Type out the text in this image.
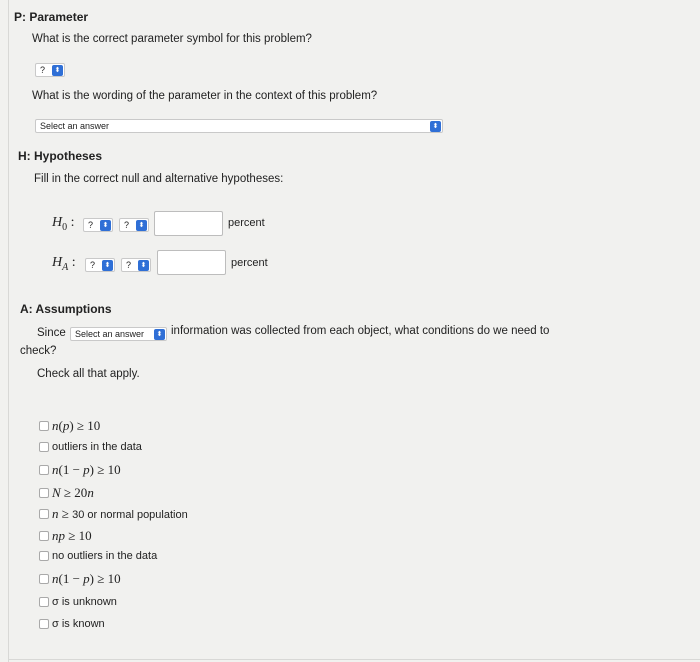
P: Parameter
What is the correct parameter symbol for this problem?
?	⬍
What is the wording of the parameter in the context of this problem?
Select an answer	⬍
H: Hypotheses
Fill in the correct null and alternative hypotheses:
$H_0$ :	?	⬍	?	⬍	percent
$H_A$ :	?	⬍	?	⬍	percent
A: Assumptions
Since	Select an answer	⬍ information was collected from each object, what conditions do we need to
check?
Check all that apply.
n(p) ≥ 10
outliers in the data
n(1 − p) ≥ 10
N ≥ 20n
n ≥ 30 or normal population
np ≥ 10
no outliers in the data
n(1 − p) ≥ 10
σ is unknown
σ is known
